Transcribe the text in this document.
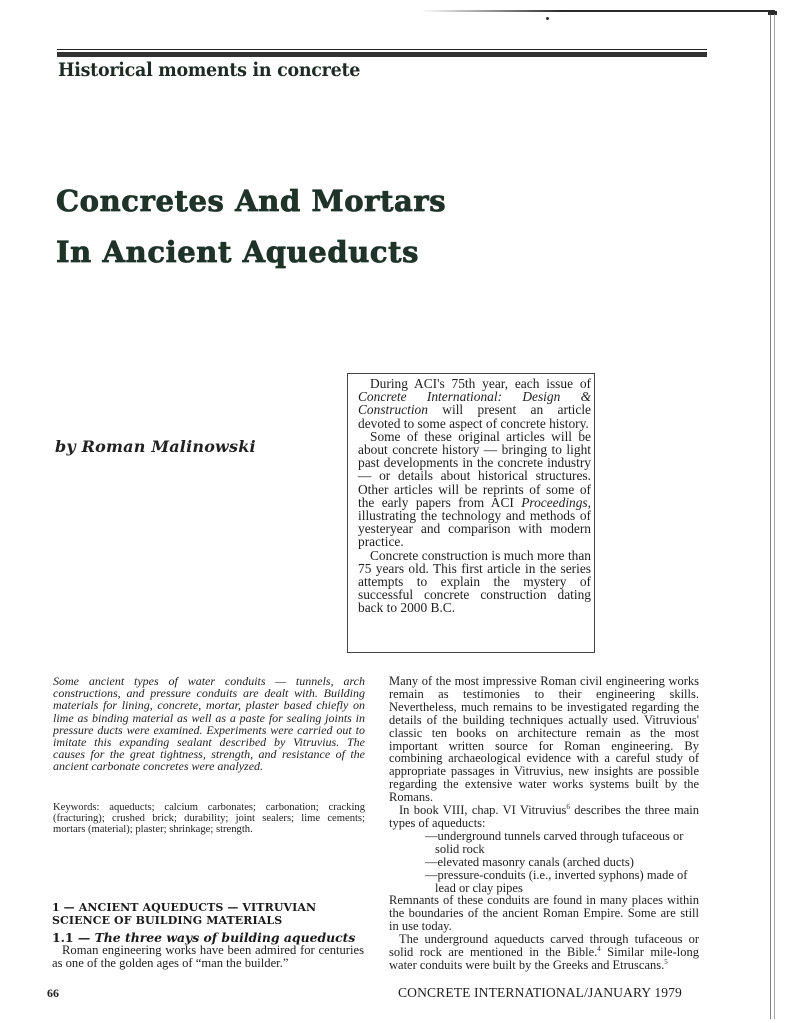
Historical moments in concrete
Concretes And Mortars
In Ancient Aqueducts
by Roman Malinowski

During ACI's 75th year, each issue of Concrete International: Design & Construction will present an article devoted to some aspect of concrete history.

Some of these original articles will be about concrete history — bringing to light past developments in the concrete industry — or details about historical structures. Other articles will be reprints of some of the early papers from ACI Proceedings, illustrating the technology and methods of yesteryear and comparison with modern practice.

Concrete construction is much more than 75 years old. This first article in the series attempts to explain the mystery of successful concrete construction dating back to 2000 B.C.

Some ancient types of water conduits — tunnels, arch constructions, and pressure conduits are dealt with. Building materials for lining, concrete, mortar, plaster based chiefly on lime as binding material as well as a paste for sealing joints in pressure ducts were examined. Experiments were carried out to imitate this expanding sealant described by Vitruvius. The causes for the great tightness, strength, and resistance of the ancient carbonate concretes were analyzed.
Keywords: aqueducts; calcium carbonates; carbonation; cracking (fracturing); crushed brick; durability; joint sealers; lime cements; mortars (material); plaster; shrinkage; strength.
1 — ANCIENT AQUEDUCTS — VITRUVIAN SCIENCE OF BUILDING MATERIALS
1.1 — The three ways of building aqueducts

Roman engineering works have been admired for centuries as one of the golden ages of “man the builder.”

Many of the most impressive Roman civil engineering works remain as testimonies to their engineering skills. Nevertheless, much remains to be investigated regarding the details of the building techniques actually used. Vitruvious' classic ten books on architecture remain as the most important written source for Roman engineering. By combining archaeological evidence with a careful study of appropriate passages in Vitruvius, new insights are possible regarding the extensive water works systems built by the Romans.

In book VIII, chap. VI Vitruvius$^6$ describes the three main types of aqueducts:

—underground tunnels carved through tufaceous or solid rock
—elevated masonry canals (arched ducts)
—pressure-conduits (i.e., inverted syphons) made of lead or clay pipes

Remnants of these conduits are found in many places within the boundaries of the ancient Roman Empire. Some are still in use today.

The underground aqueducts carved through tufaceous or solid rock are mentioned in the Bible.$^4$ Similar mile-long water conduits were built by the Greeks and Etruscans.$^5$

66	CONCRETE INTERNATIONAL/JANUARY 1979
